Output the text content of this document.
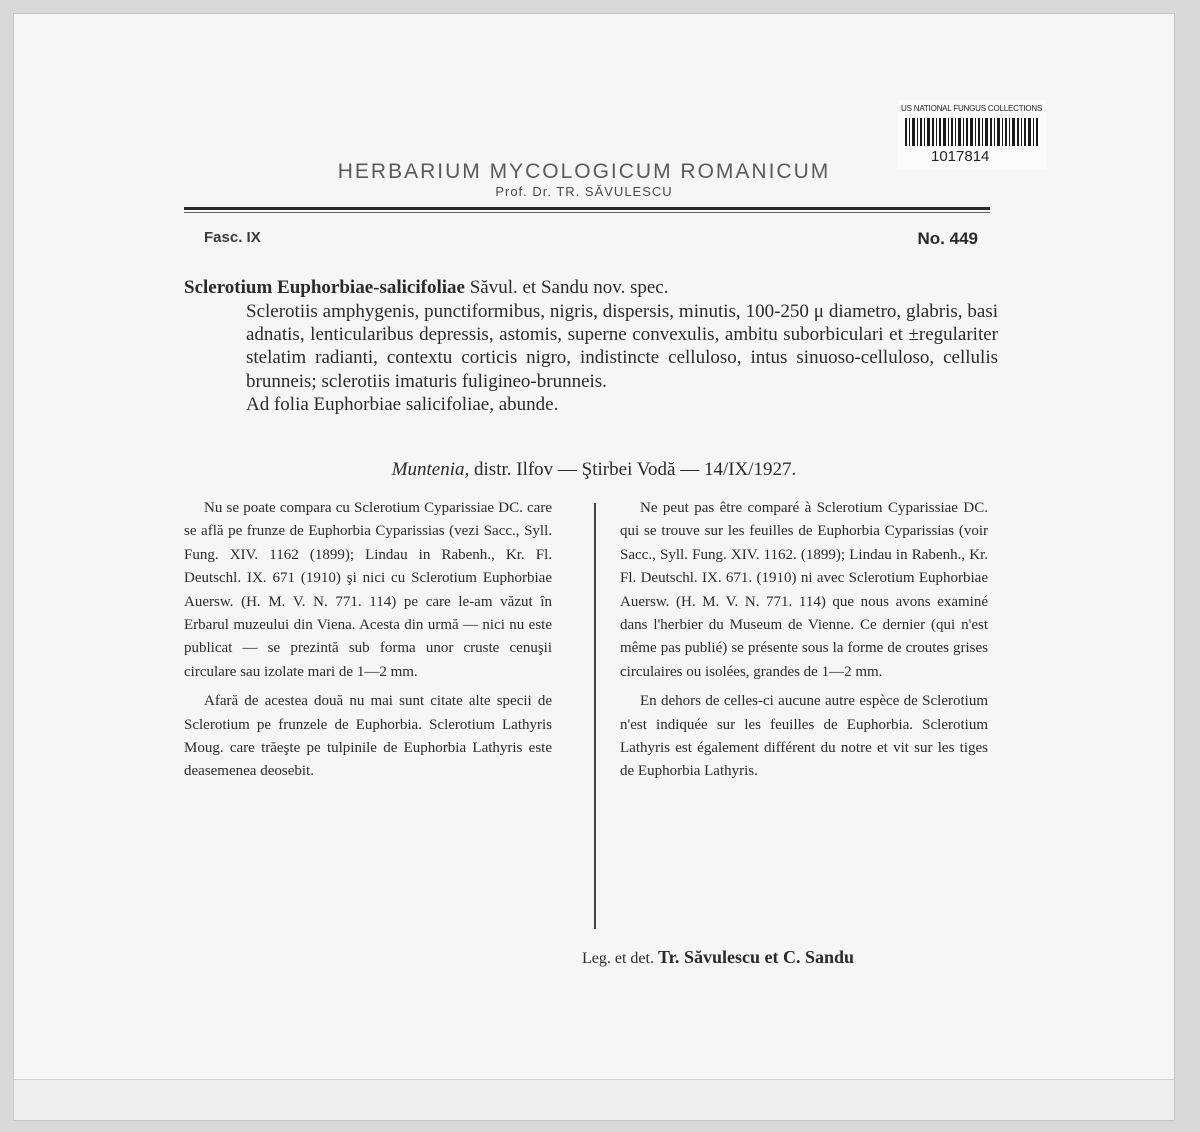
US NATIONAL FUNGUS COLLECTIONS
1017814
HERBARIUM MYCOLOGICUM ROMANICUM
Prof. Dr. TR. SĂVULESCU
Fasc. IX	No. 449
Sclerotium Euphorbiae-salicifoliae Săvul. et Sandu nov. spec.

Sclerotiis amphygenis, punctiformibus, nigris, dispersis, minutis, 100-250 μ diametro, glabris, basi adnatis, lenticularibus depressis, astomis, superne convexulis, ambitu suborbiculari et ±regulariter stelatim radianti, contextu corticis nigro, indistincte celluloso, intus sinuoso-celluloso, cellulis brunneis; sclerotiis imaturis fuligineo-brunneis.
Ad folia Euphorbiae salicifoliae, abunde.

Muntenia, distr. Ilfov — Ştirbei Vodă — 14/IX/1927.

Nu se poate compara cu Sclerotium Cyparissiae DC. care se află pe frunze de Euphorbia Cyparissias (vezi Sacc., Syll. Fung. XIV. 1162 (1899); Lindau in Rabenh., Kr. Fl. Deutschl. IX. 671 (1910) şi nici cu Sclerotium Euphorbiae Auersw. (H. M. V. N. 771. 114) pe care le-am văzut în Erbarul muzeului din Viena. Acesta din urmă — nici nu este publicat — se prezintă sub forma unor cruste cenuşii circulare sau izolate mari de 1—2 mm.

Afară de acestea două nu mai sunt citate alte specii de Sclerotium pe frunzele de Euphorbia. Sclerotium Lathyris Moug. care trăeşte pe tulpinile de Euphorbia Lathyris este deasemenea deosebit.

Ne peut pas être comparé à Sclerotium Cyparissiae DC. qui se trouve sur les feuilles de Euphorbia Cyparissias (voir Sacc., Syll. Fung. XIV. 1162. (1899); Lindau in Rabenh., Kr. Fl. Deutschl. IX. 671. (1910) ni avec Sclerotium Euphorbiae Auersw. (H. M. V. N. 771. 114) que nous avons examiné dans l'herbier du Museum de Vienne. Ce dernier (qui n'est même pas publié) se présente sous la forme de croutes grises circulaires ou isolées, grandes de 1—2 mm.

En dehors de celles-ci aucune autre espèce de Sclerotium n'est indiquée sur les feuilles de Euphorbia. Sclerotium Lathyris est également différent du notre et vit sur les tiges de Euphorbia Lathyris.

Leg. et det. Tr. Săvulescu et C. Sandu
